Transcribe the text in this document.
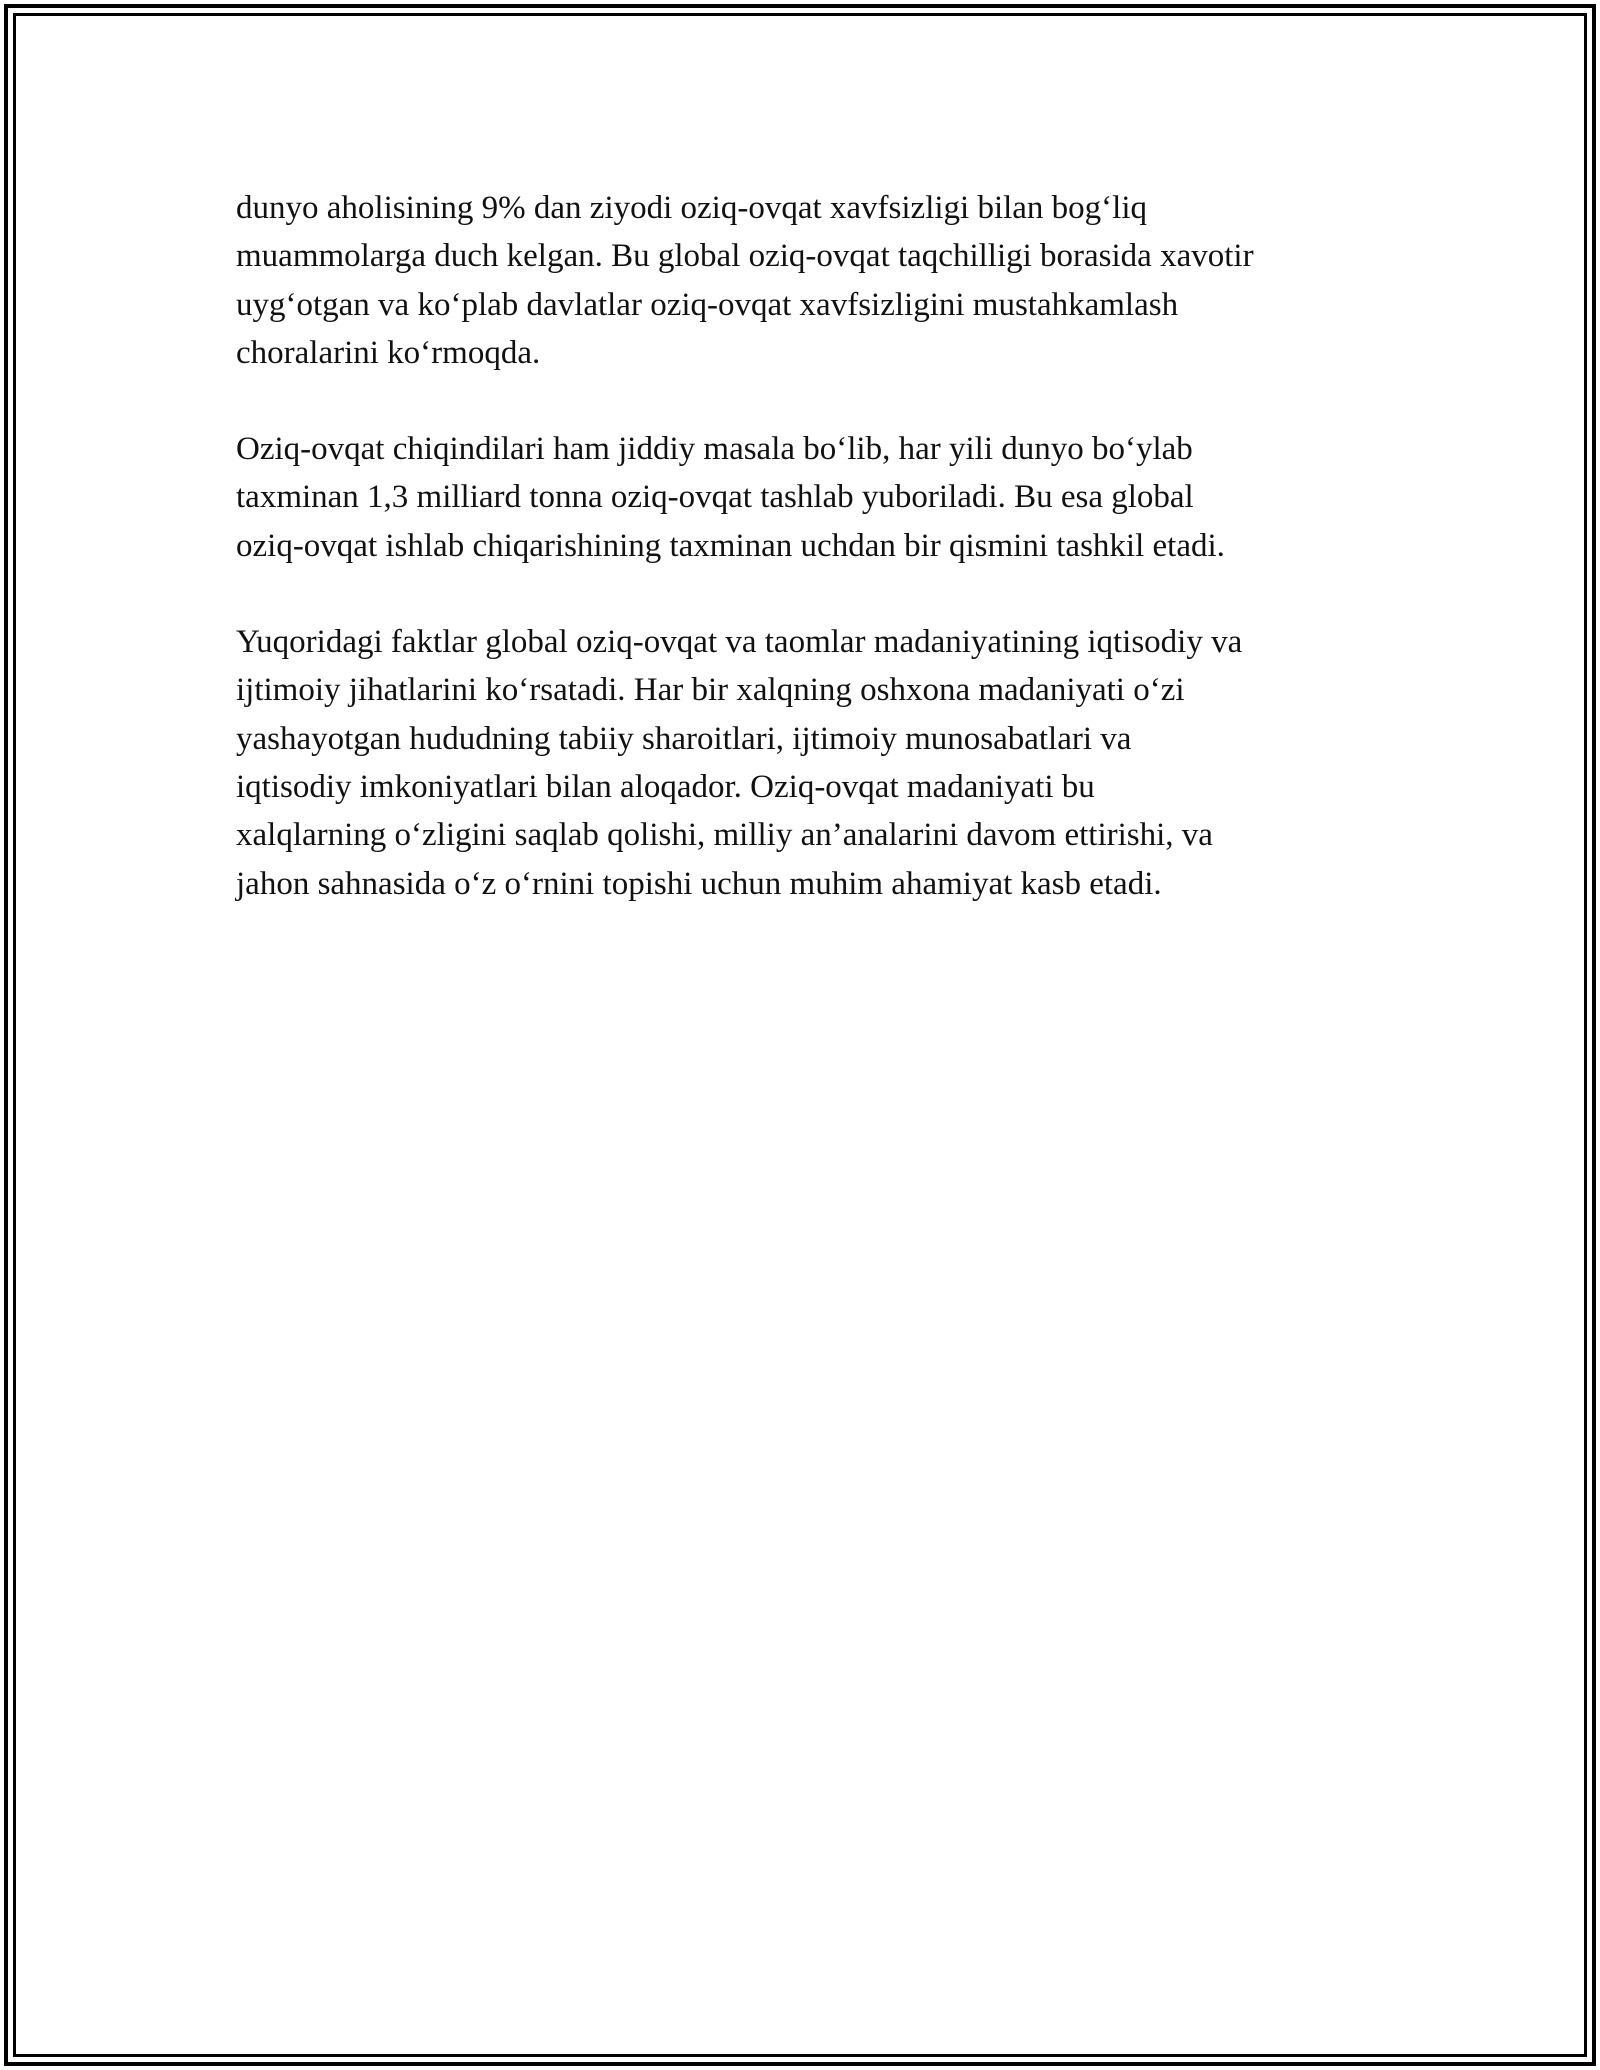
dunyo aholisining 9% dan ziyodi oziq-ovqat xavfsizligi bilan bog‘liq
muammolarga duch kelgan. Bu global oziq-ovqat taqchilligi borasida xavotir
uyg‘otgan va ko‘plab davlatlar oziq-ovqat xavfsizligini mustahkamlash
choralarini ko‘rmoqda.

Oziq-ovqat chiqindilari ham jiddiy masala bo‘lib, har yili dunyo bo‘ylab
taxminan 1,3 milliard tonna oziq-ovqat tashlab yuboriladi. Bu esa global
oziq-ovqat ishlab chiqarishining taxminan uchdan bir qismini tashkil etadi.

Yuqoridagi faktlar global oziq-ovqat va taomlar madaniyatining iqtisodiy va
ijtimoiy jihatlarini ko‘rsatadi. Har bir xalqning oshxona madaniyati o‘zi
yashayotgan hududning tabiiy sharoitlari, ijtimoiy munosabatlari va
iqtisodiy imkoniyatlari bilan aloqador. Oziq-ovqat madaniyati bu
xalqlarning o‘zligini saqlab qolishi, milliy an’analarini davom ettirishi, va
jahon sahnasida o‘z o‘rnini topishi uchun muhim ahamiyat kasb etadi.
